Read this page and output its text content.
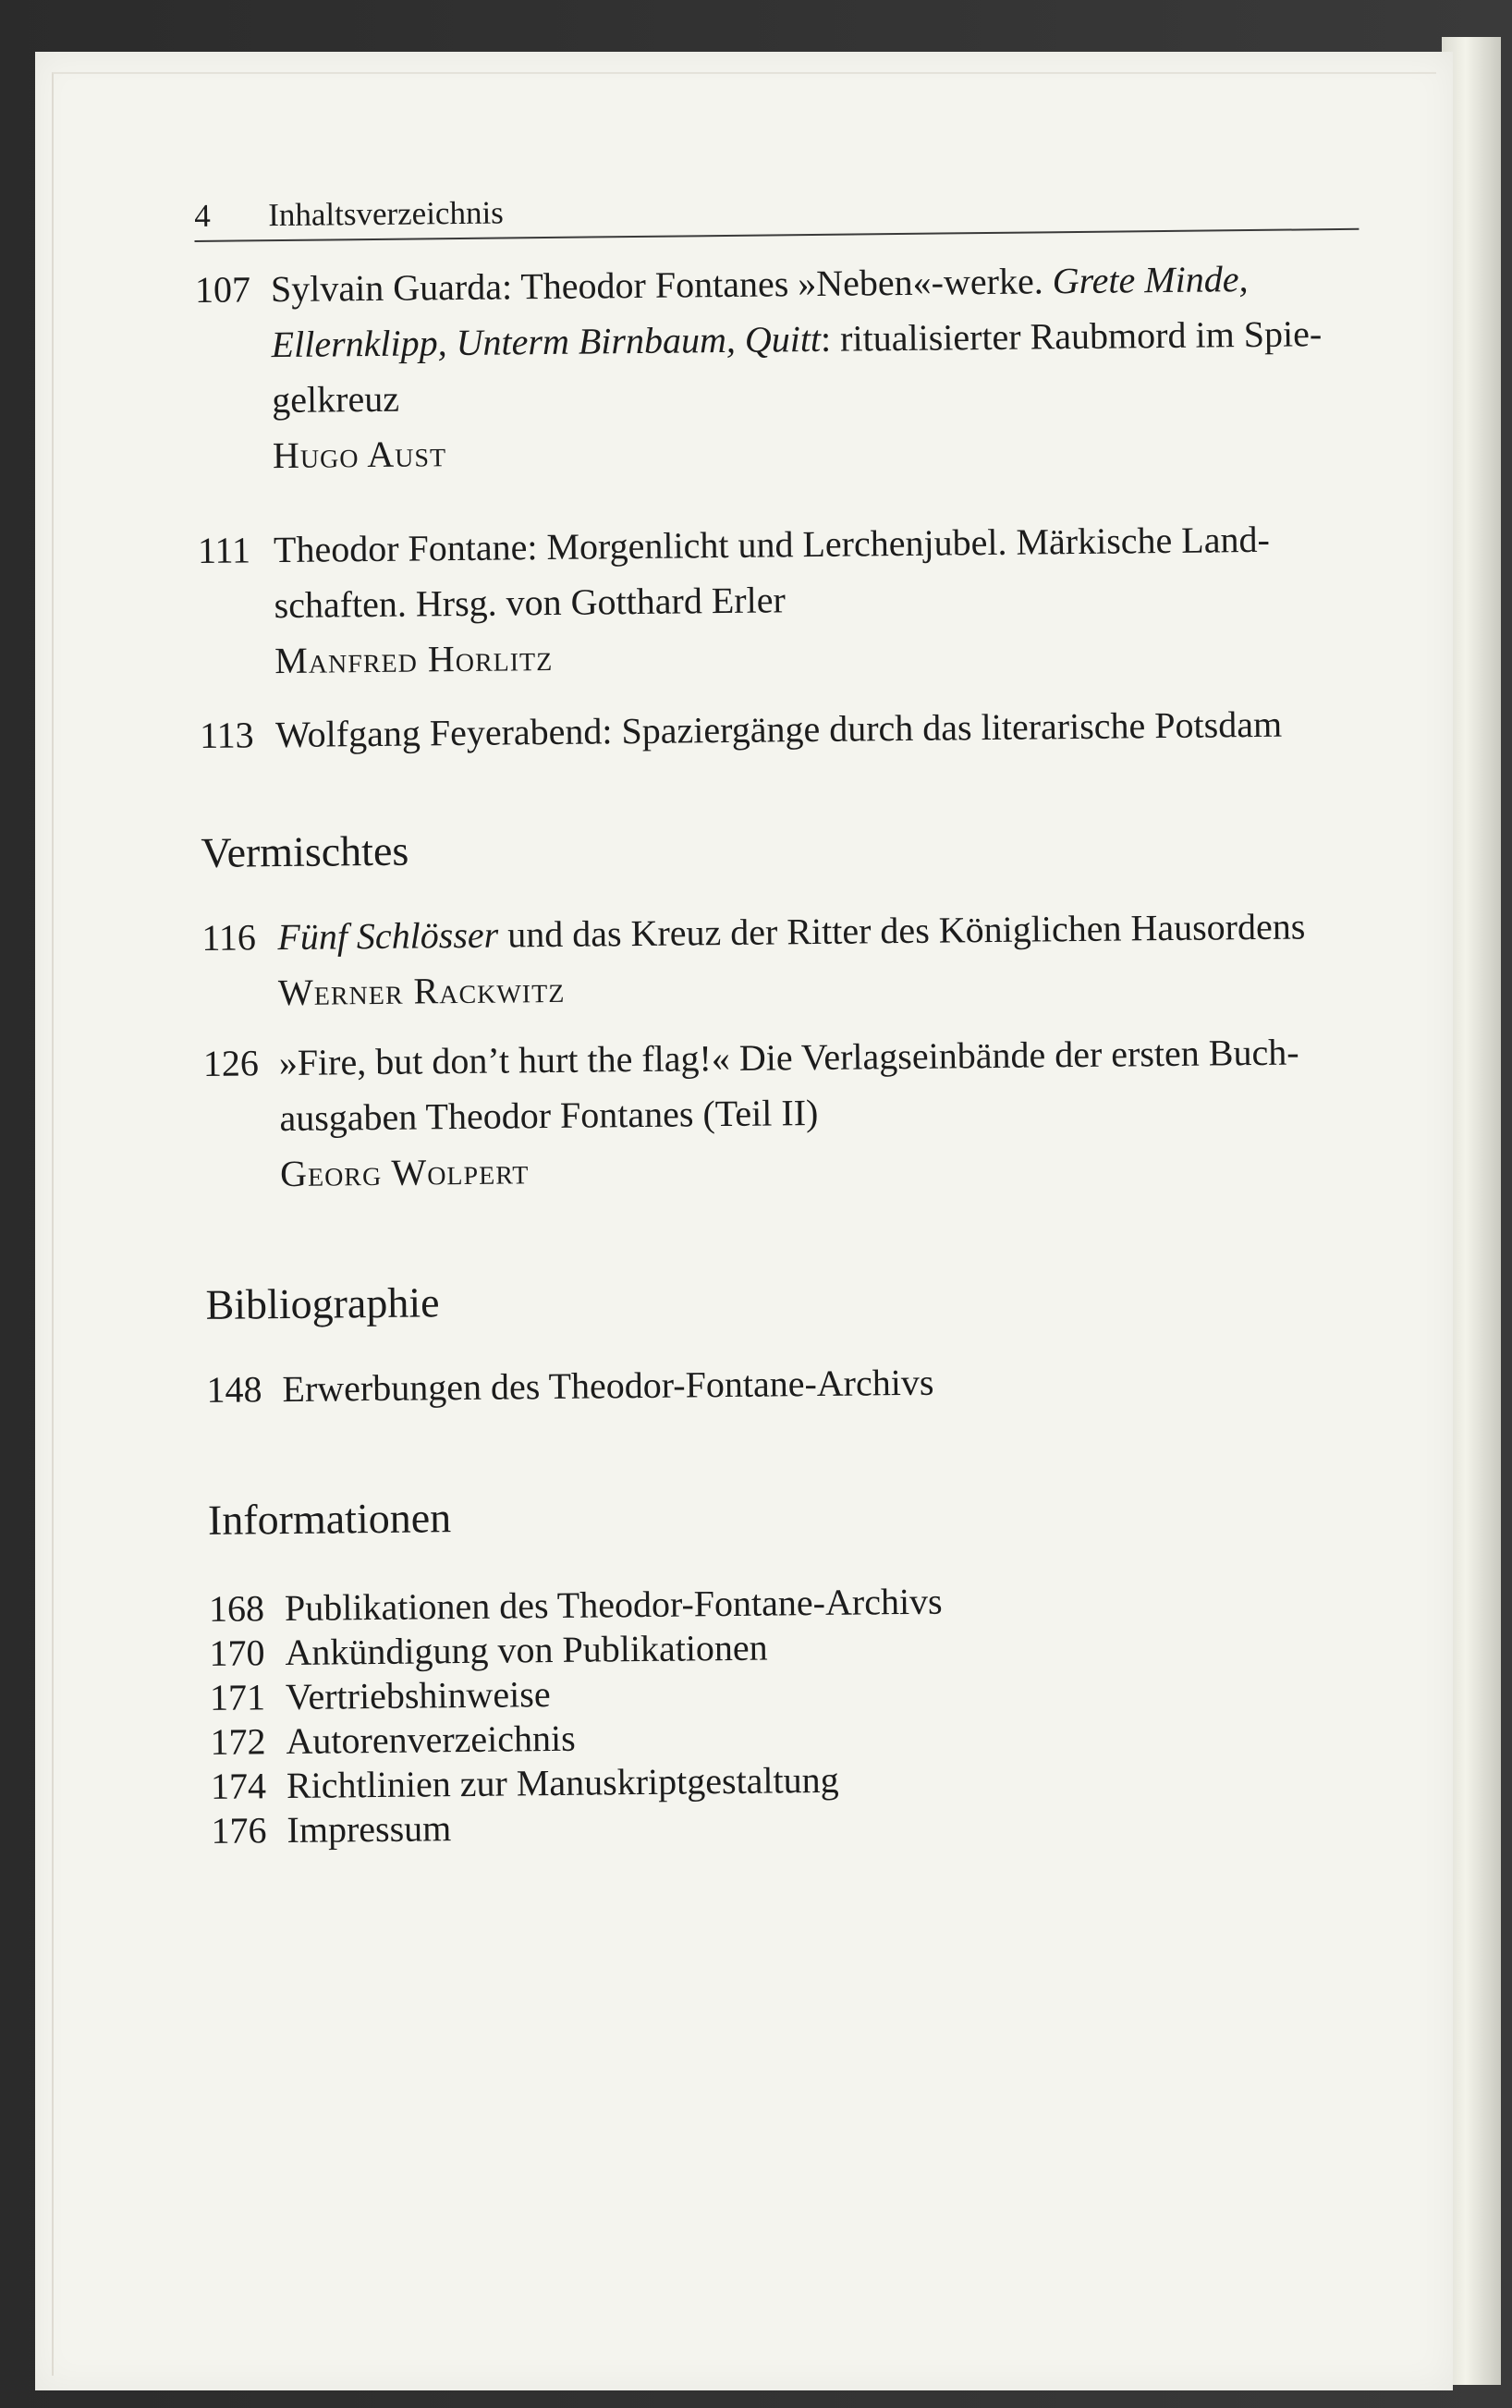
4	Inhaltsverzeichnis
107 Sylvain Guarda: Theodor Fontanes »Neben«-werke. Grete Minde,
Ellernklipp, Unterm Birnbaum, Quitt: ritualisierter Raubmord im Spie-
gelkreuz
Hugo Aust
111 Theodor Fontane: Morgenlicht und Lerchenjubel. Märkische Land-
schaften. Hrsg. von Gotthard Erler
Manfred Horlitz
113 Wolfgang Feyerabend: Spaziergänge durch das literarische Potsdam
Vermischtes
116 Fünf Schlösser und das Kreuz der Ritter des Königlichen Hausordens
Werner Rackwitz
126 »Fire, but don’t hurt the flag!« Die Verlagseinbände der ersten Buch-
ausgaben Theodor Fontanes (Teil II)
Georg Wolpert
Bibliographie
148 Erwerbungen des Theodor-Fontane-Archivs
Informationen
168 Publikationen des Theodor-Fontane-Archivs
170 Ankündigung von Publikationen
171 Vertriebshinweise
172 Autorenverzeichnis
174 Richtlinien zur Manuskriptgestaltung
176 Impressum
